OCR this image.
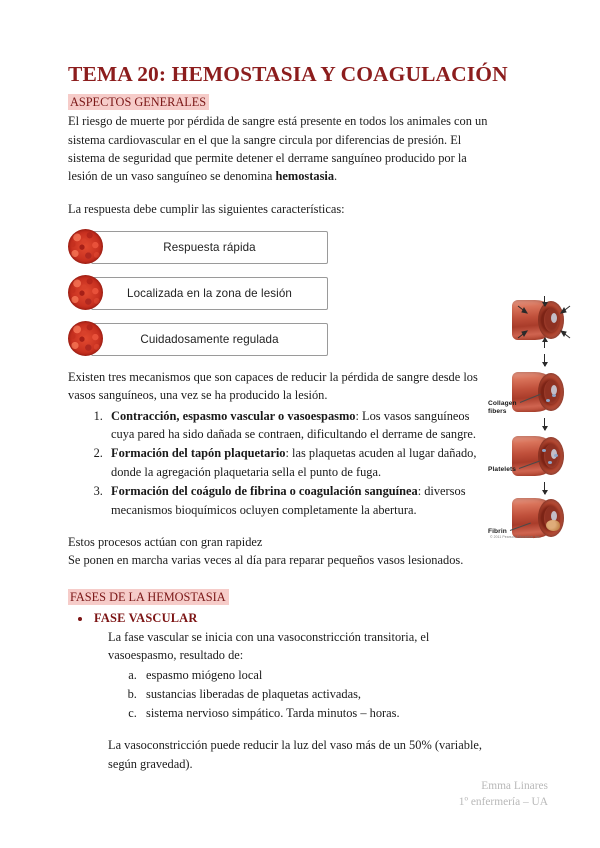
TEMA 20: HEMOSTASIA Y COAGULACIÓN
ASPECTOS GENERALES

El riesgo de muerte por pérdida de sangre está presente en todos los animales con un sistema cardiovascular en el que la sangre circula por diferencias de presión. El sistema de seguridad que permite detener el derrame sanguíneo producido por la lesión de un vaso sanguíneo se denomina hemostasia.

La respuesta debe cumplir las siguientes características:

Respuesta rápida
Localizada en la zona de lesión
Cuidadosamente regulada

Existen tres mecanismos que son capaces de reducir la pérdida de sangre desde los vasos sanguíneos, una vez se ha producido la lesión.

1. Contracción, espasmo vascular o vasoespasmo: Los vasos sanguíneos cuya pared ha sido dañada se contraen, dificultando el derrame de sangre.
2. Formación del tapón plaquetario: las plaquetas acuden al lugar dañado, donde la agregación plaquetaria sella el punto de fuga.
3. Formación del coágulo de fibrina o coagulación sanguínea: diversos mecanismos bioquímicos ocluyen completamente la abertura.

Estos procesos actúan con gran rapidez

Se ponen en marcha varias veces al día para reparar pequeños vasos lesionados.

FASES DE LA HEMOSTASIA
FASE VASCULAR

La fase vascular se inicia con una vasoconstricción transitoria, el vasoespasmo, resultado de:

a. espasmo miógeno local
b. sustancias liberadas de plaquetas activadas,
c. sistema nervioso simpático. Tarda minutos – horas.

La vasoconstricción puede reducir la luz del vaso más de un 50% (variable, según gravedad).

Collagen
fibers
Platelets
Fibrin
© 2011 Pearson Education, Inc.
Emma Linares
1º enfermería – UA
